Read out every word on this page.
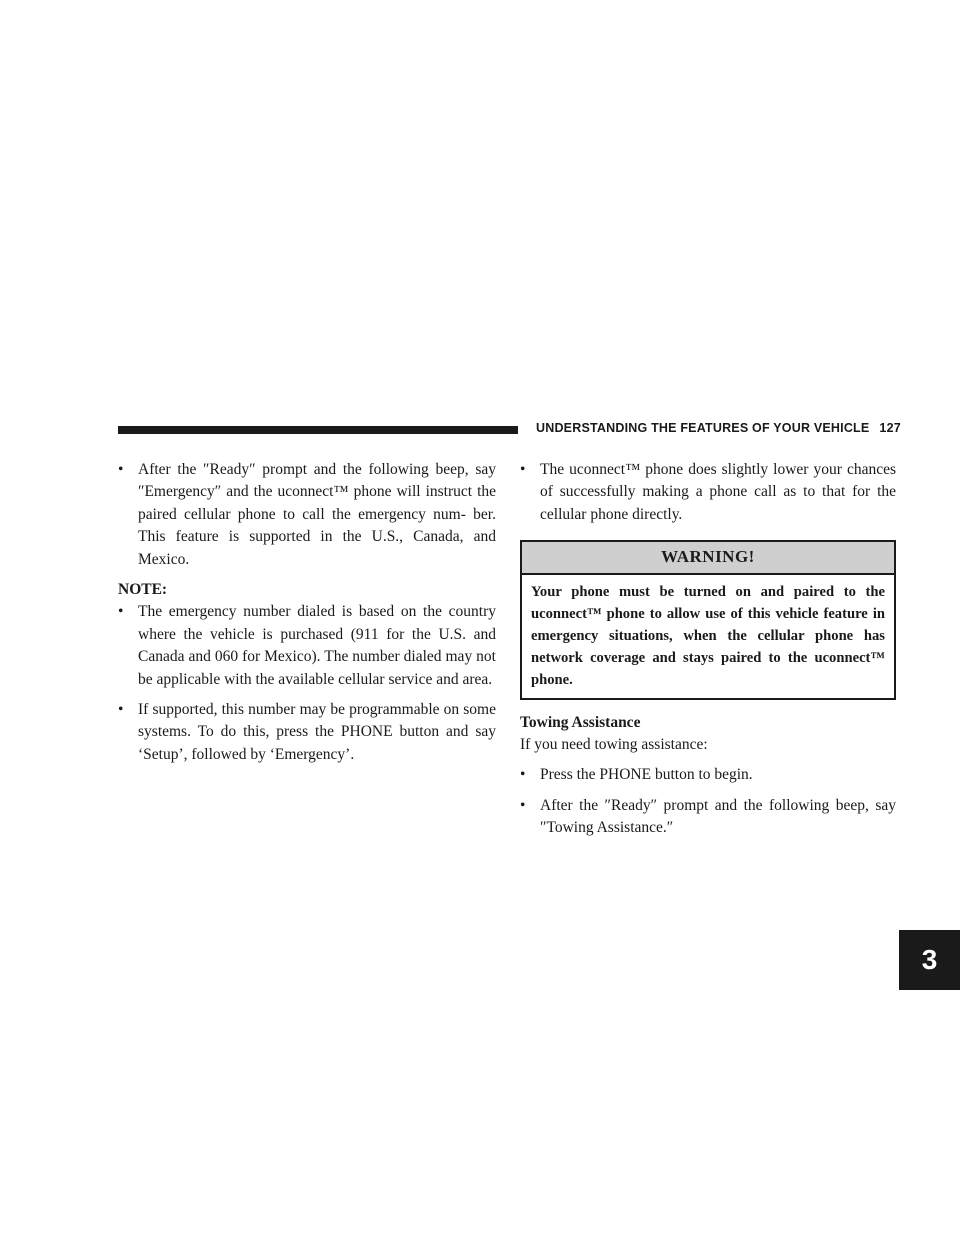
UNDERSTANDING THE FEATURES OF YOUR VEHICLE 127
3

• After the ″Ready″ prompt and the following beep, say ″Emergency″ and the uconnect™ phone will instruct the paired cellular phone to call the emergency num- ber. This feature is supported in the U.S., Canada, and Mexico.

NOTE:

• The emergency number dialed is based on the country where the vehicle is purchased (911 for the U.S. and Canada and 060 for Mexico). The number dialed may not be applicable with the available cellular service and area.

• If supported, this number may be programmable on some systems. To do this, press the PHONE button and say ‘Setup’, followed by ‘Emergency’.

• The uconnect™ phone does slightly lower your chances of successfully making a phone call as to that for the cellular phone directly.

WARNING!
Your phone must be turned on and paired to the uconnect™ phone to allow use of this vehicle feature in emergency situations, when the cellular phone has network coverage and stays paired to the uconnect™ phone.

Towing Assistance

If you need towing assistance:

• Press the PHONE button to begin.

• After the ″Ready″ prompt and the following beep, say ″Towing Assistance.″
